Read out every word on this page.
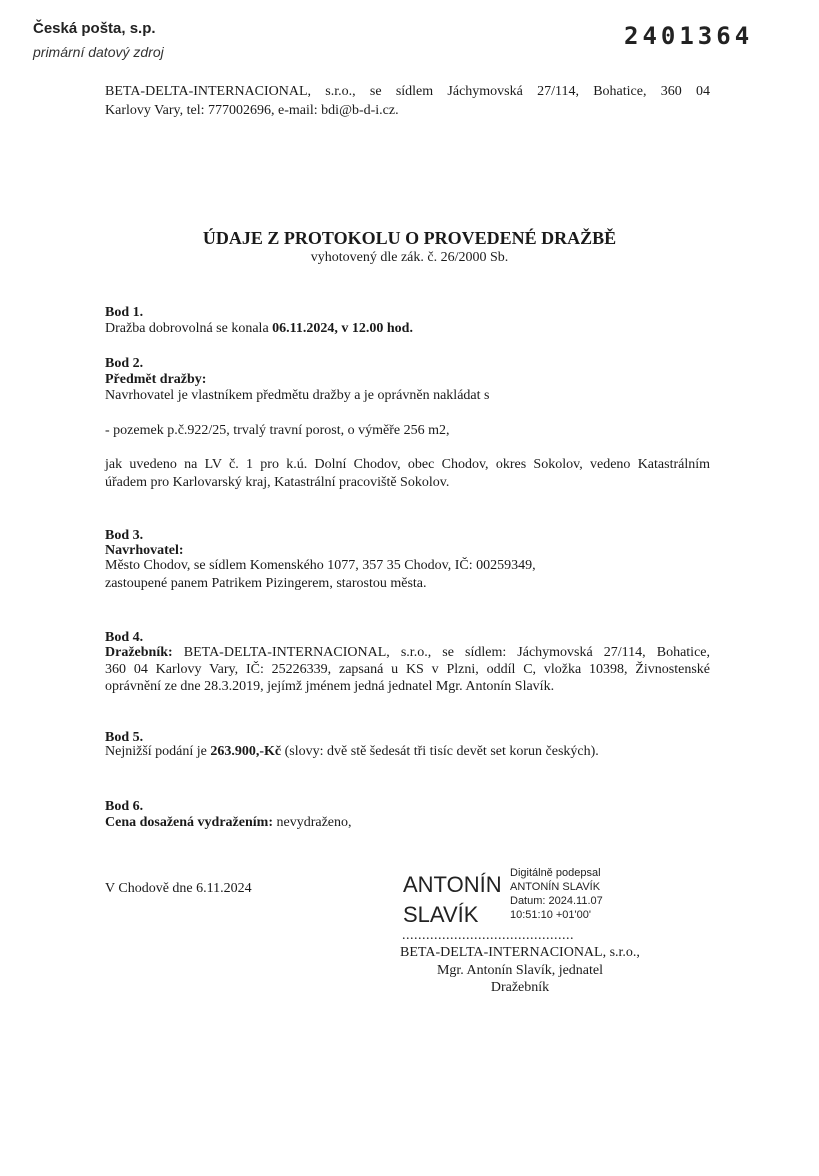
Česká pošta, s.p.
primární datový zdroj
2401364
BETA-DELTA-INTERNACIONAL, s.r.o., se sídlem Jáchymovská 27/114, Bohatice, 360 04
Karlovy Vary, tel: 777002696, e-mail: bdi@b-d-i.cz.
ÚDAJE Z PROTOKOLU O PROVEDENÉ DRAŽBĚ
vyhotovený dle zák. č. 26/2000 Sb.
Bod 1.
Dražba dobrovolná se konala 06.11.2024, v 12.00 hod.
Bod 2.
Předmět dražby:
Navrhovatel je vlastníkem předmětu dražby a je oprávněn nakládat s
- pozemek p.č.922/25, trvalý travní porost, o výměře 256 m2,
jak uvedeno na LV č. 1 pro k.ú. Dolní Chodov, obec Chodov, okres Sokolov, vedeno Katastrálním
úřadem pro Karlovarský kraj, Katastrální pracoviště Sokolov.
Bod 3.
Navrhovatel:
Město Chodov, se sídlem Komenského 1077, 357 35 Chodov, IČ: 00259349,
zastoupené panem Patrikem Pizingerem, starostou města.
Bod 4.
Dražebník: BETA-DELTA-INTERNACIONAL, s.r.o., se sídlem: Jáchymovská 27/114, Bohatice,
360 04 Karlovy Vary, IČ: 25226339, zapsaná u KS v Plzni, oddíl C, vložka 10398, Živnostenské
oprávnění ze dne 28.3.2019, jejímž jménem jedná jednatel Mgr. Antonín Slavík.
Bod 5.
Nejnižší podání je 263.900,-Kč (slovy: dvě stě šedesát tři tisíc devět set korun českých).
Bod 6.
Cena dosažená vydražením: nevydraženo,
V Chodově dne 6.11.2024	ANTONÍN
SLAVÍK
Digitálně podepsal
ANTONÍN SLAVÍK
Datum: 2024.11.07
10:51:10 +01'00'
...........................................
BETA-DELTA-INTERNACIONAL, s.r.o.,
Mgr. Antonín Slavík, jednatel
Dražebník
